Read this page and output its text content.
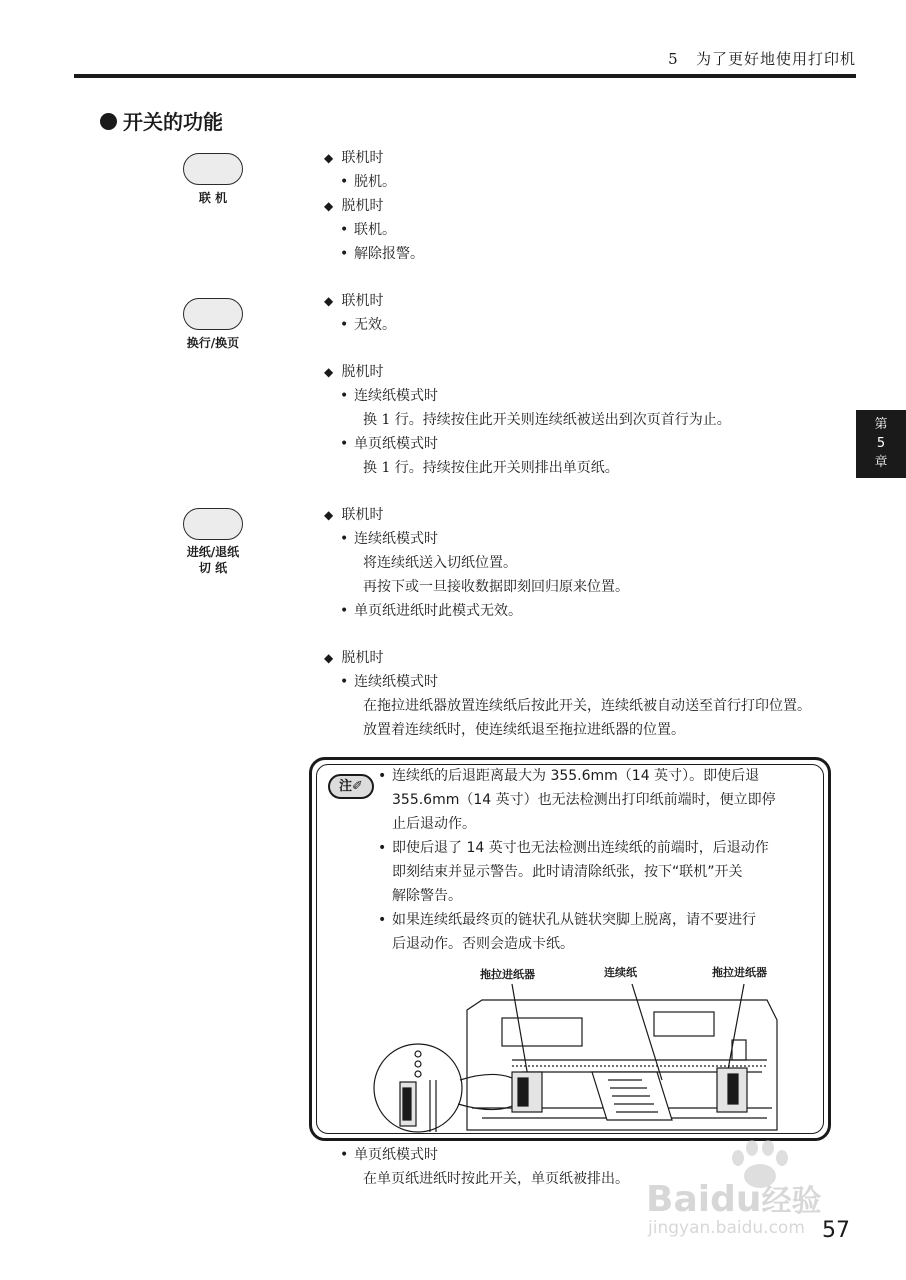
5 为了更好地使用打印机
开关的功能
第
5
章
联 机
◆ 联机时
• 脱机。
◆ 脱机时
• 联机。
• 解除报警。
换行/换页
◆ 联机时
• 无效。
◆ 脱机时
• 连续纸模式时
换 1 行。持续按住此开关则连续纸被送出到次页首行为止。
• 单页纸模式时
换 1 行。持续按住此开关则排出单页纸。
进纸/退纸
切 纸
◆ 联机时
• 连续纸模式时
将连续纸送入切纸位置。
再按下或一旦接收数据即刻回归原来位置。
• 单页纸进纸时此模式无效。
◆ 脱机时
• 连续纸模式时
在拖拉进纸器放置连续纸后按此开关，连续纸被自动送至首行打印位置。
放置着连续纸时，使连续纸退至拖拉进纸器的位置。
注✐
• 连续纸的后退距离最大为 355.6mm（14 英寸）。即使后退
355.6mm（14 英寸）也无法检测出打印纸前端时，便立即停
止后退动作。
• 即使后退了 14 英寸也无法检测出连续纸的前端时，后退动作
即刻结束并显示警告。此时请清除纸张，按下“联机”开关
解除警告。
• 如果连续纸最终页的链状孔从链状突脚上脱离，请不要进行
后退动作。否则会造成卡纸。
拖拉进纸器	连续纸	拖拉进纸器
• 单页纸模式时
在单页纸进纸时按此开关，单页纸被排出。 Baidu经验
jingyan.baidu.com 57
